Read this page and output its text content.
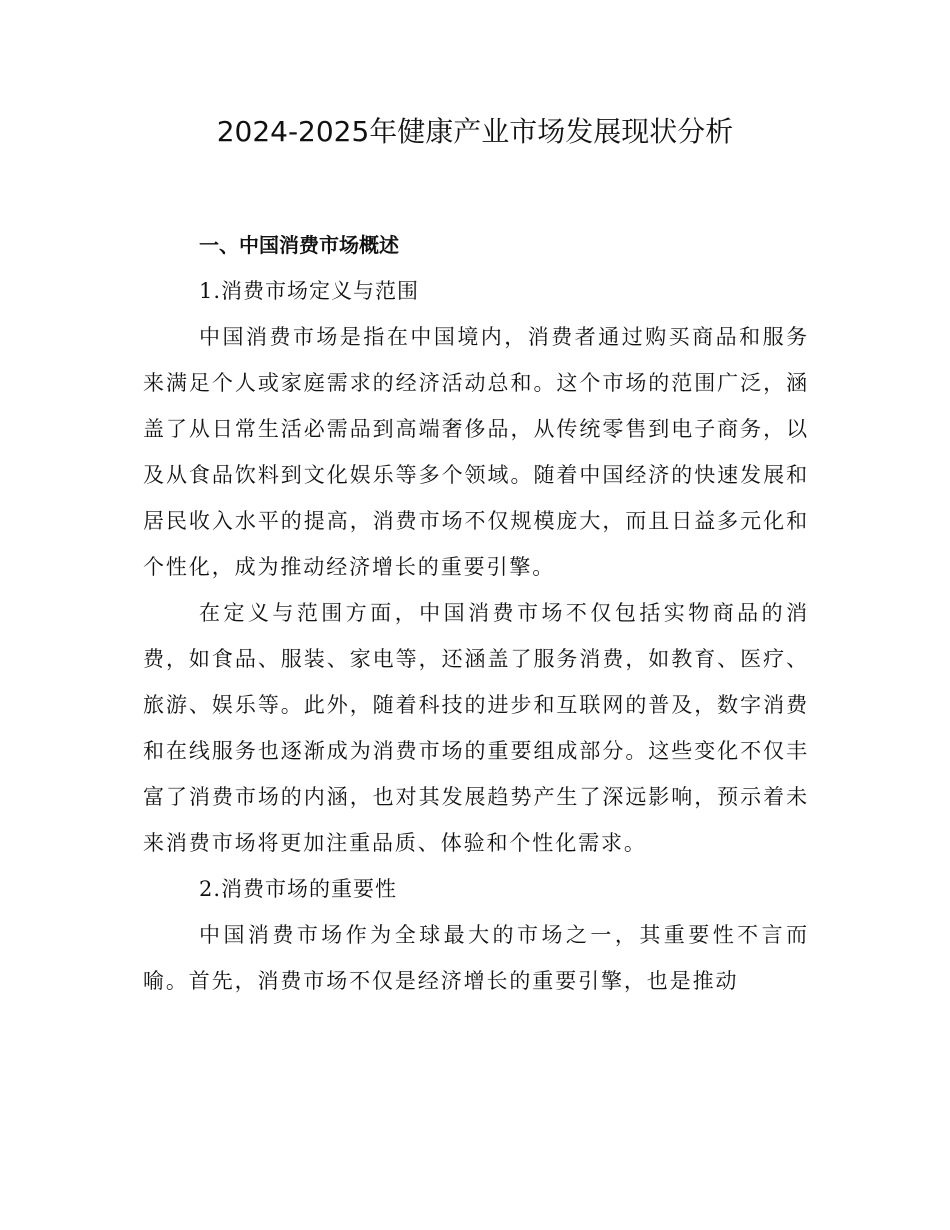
2024-2025年健康产业市场发展现状分析
一、中国消费市场概述
1.消费市场定义与范围

中国消费市场是指在中国境内，消费者通过购买商品和服务来满足个人或家庭需求的经济活动总和。这个市场的范围广泛，涵盖了从日常生活必需品到高端奢侈品，从传统零售到电子商务，以及从食品饮料到文化娱乐等多个领域。随着中国经济的快速发展和居民收入水平的提高，消费市场不仅规模庞大，而且日益多元化和个性化，成为推动经济增长的重要引擎。

在定义与范围方面，中国消费市场不仅包括实物商品的消费，如食品、服装、家电等，还涵盖了服务消费，如教育、医疗、旅游、娱乐等。此外，随着科技的进步和互联网的普及，数字消费和在线服务也逐渐成为消费市场的重要组成部分。这些变化不仅丰富了消费市场的内涵，也对其发展趋势产生了深远影响，预示着未来消费市场将更加注重品质、体验和个性化需求。

2.消费市场的重要性

中国消费市场作为全球最大的市场之一，其重要性不言而喻。首先，消费市场不仅是经济增长的重要引擎，也是推动
